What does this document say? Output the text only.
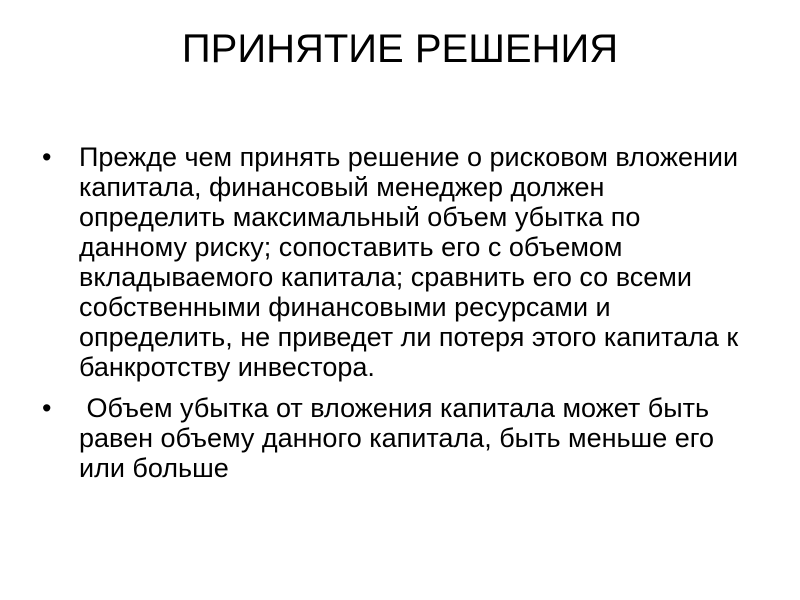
ПРИНЯТИЕ РЕШЕНИЯ
•	Прежде чем принять решение о рисковом вложении капитала, финансовый менеджер должен определить максимальный объем убытка по данному риску; сопоставить его с объемом вкладываемого капитала; сравнить его со всеми собственными финансовыми ресурсами и определить, не приведет ли потеря этого капитала к банкротству инвестора.
•	Объем убытка от вложения капитала может быть равен объему данного капитала, быть меньше его или больше
